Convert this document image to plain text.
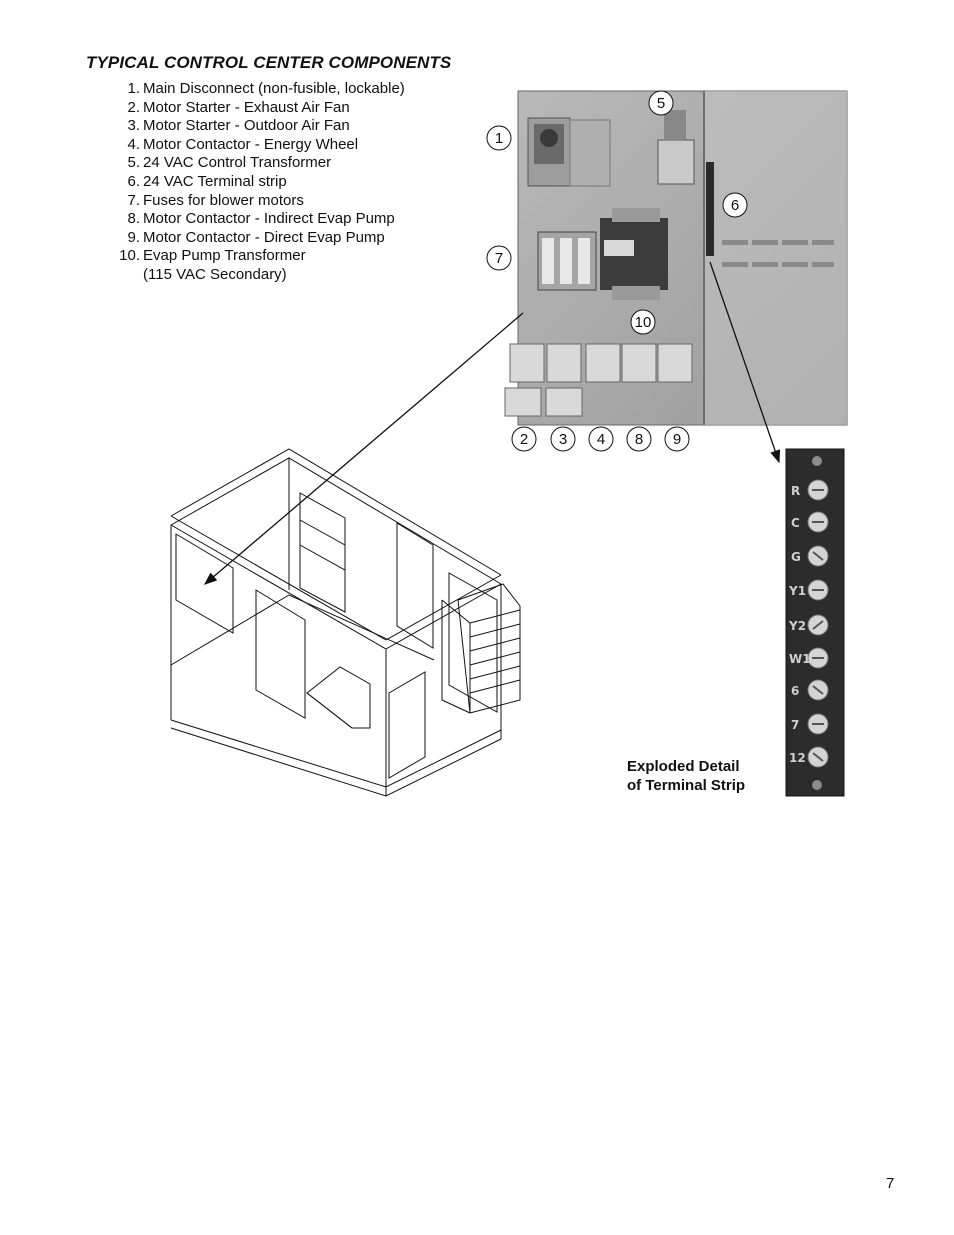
TYPICAL CONTROL CENTER COMPONENTS
1. Main Disconnect (non-fusible, lockable)
2. Motor Starter - Exhaust Air Fan
3. Motor Starter - Outdoor Air Fan
4. Motor Contactor - Energy Wheel
5. 24 VAC Control Transformer
6. 24 VAC Terminal strip
7. Fuses for blower motors
8. Motor Contactor - Indirect Evap Pump
9. Motor Contactor - Direct Evap Pump
10. Evap Pump Transformer
(115 VAC Secondary)
R
C
G
Y1
Y2
W1
6
7
12
1
5
6
7
10
2 3 4 8 9
Exploded Detail
of Terminal Strip
7
